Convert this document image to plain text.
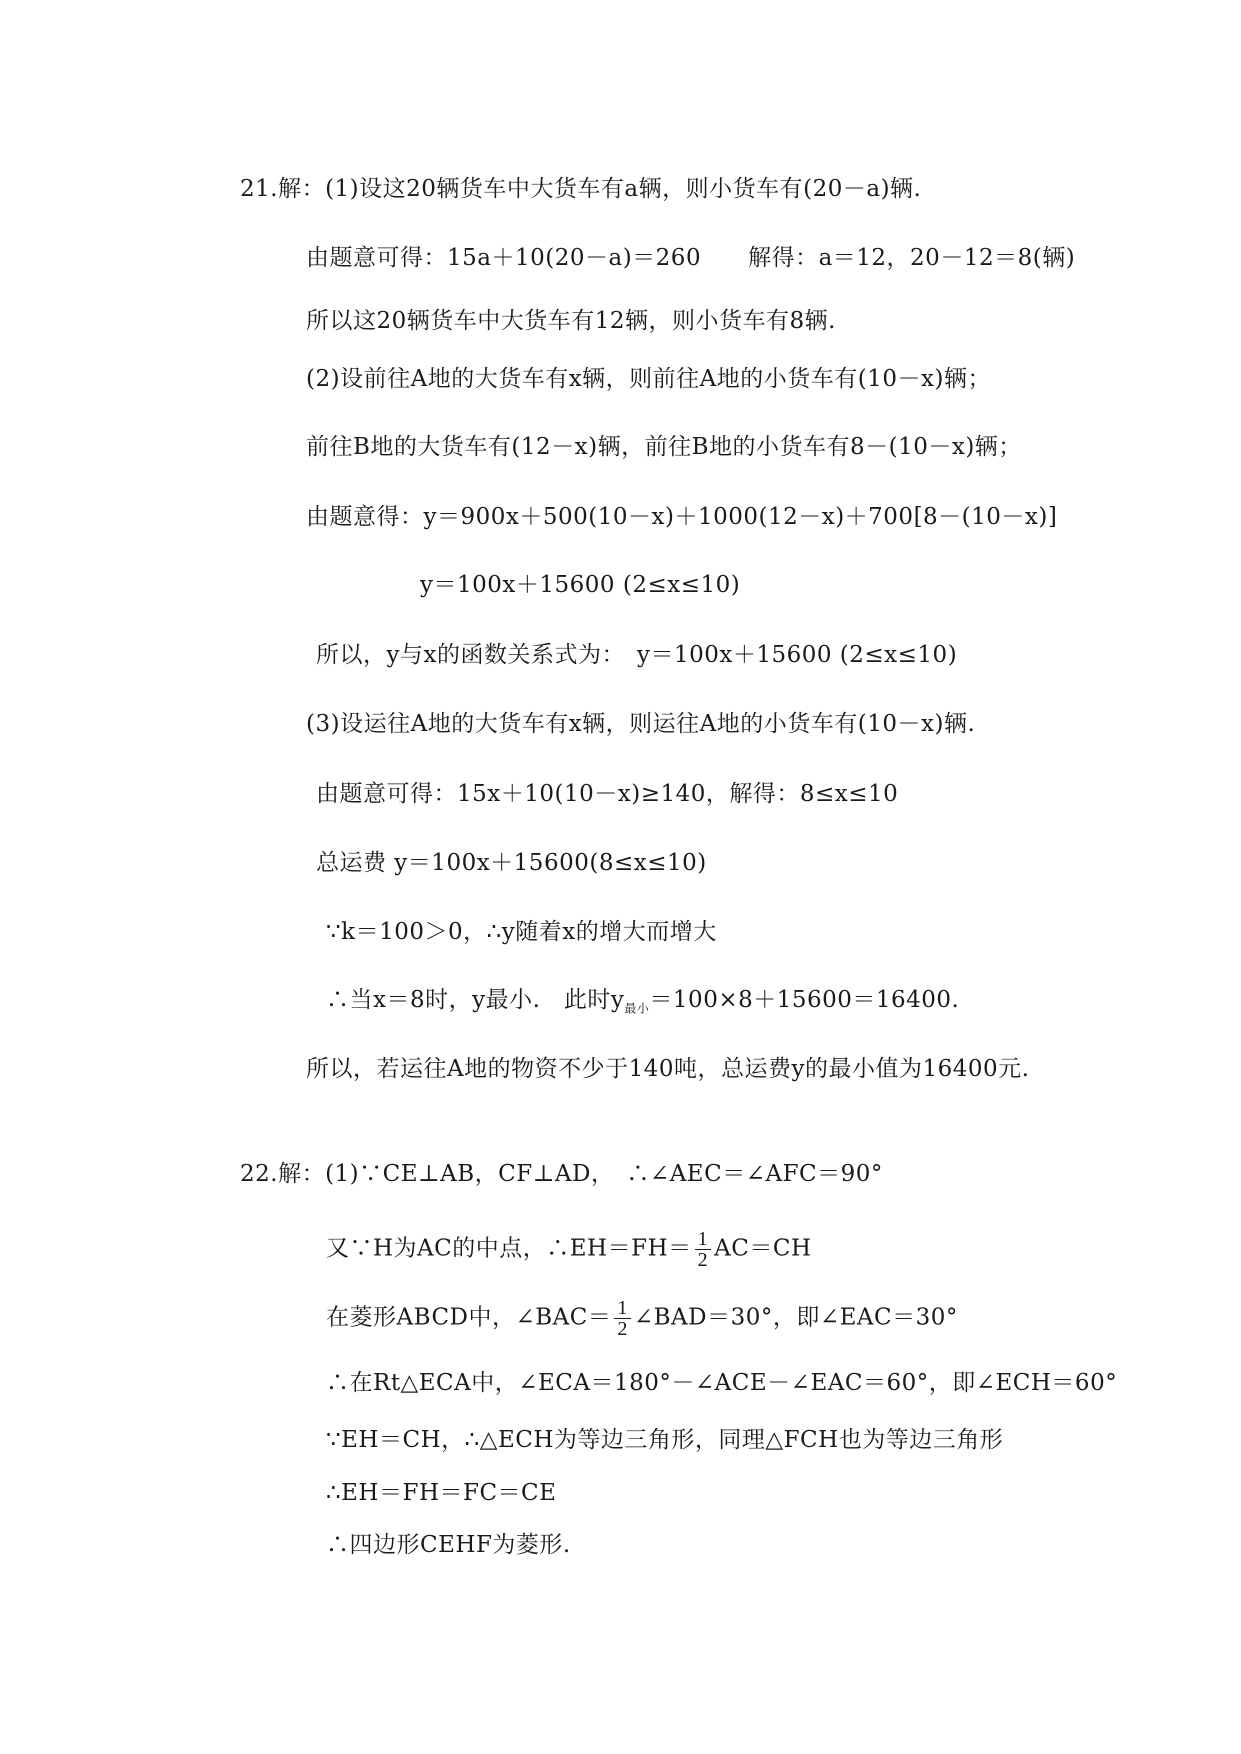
21.解：(1)设这20辆货车中大货车有a辆，则小货车有(20－a)辆.
由题意可得：15a＋10(20－a)＝260　　解得：a＝12，20－12＝8(辆)
所以这20辆货车中大货车有12辆，则小货车有8辆.
(2)设前往A地的大货车有x辆，则前往A地的小货车有(10－x)辆；
前往B地的大货车有(12－x)辆，前往B地的小货车有8－(10－x)辆；
由题意得：y＝900x＋500(10－x)＋1000(12－x)＋700[8－(10－x)]
y＝100x＋15600 (2≤x≤10)
所以，y与x的函数关系式为：　y＝100x＋15600 (2≤x≤10)
(3)设运往A地的大货车有x辆，则运往A地的小货车有(10－x)辆.
由题意可得：15x＋10(10－x)≥140，解得：8≤x≤10
总运费 y＝100x＋15600(8≤x≤10)
∵k＝100＞0，∴y随着x的增大而增大
∴当x＝8时，y最小.　此时$y_{最小}=100\times 8+15600=16400$.
所以，若运往A地的物资不少于140吨，总运费y的最小值为16400元.
22.解：(1)∵CE⊥AB，CF⊥AD，　∴∠AEC＝∠AFC＝90°
又∵H为AC的中点，∴EH＝FH＝ $\frac{1}{2} AC=CH$
在菱形ABCD中，∠BAC＝ $\frac{1}{2}$ ∠BAD＝30°，即∠EAC＝30°
∴在Rt△ECA中，∠ECA＝180°－∠ACE－∠EAC＝60°，即∠ECH＝60°
∵EH＝CH，∴△ECH为等边三角形，同理△FCH也为等边三角形
∴EH＝FH＝FC＝CE
∴四边形CEHF为菱形.
